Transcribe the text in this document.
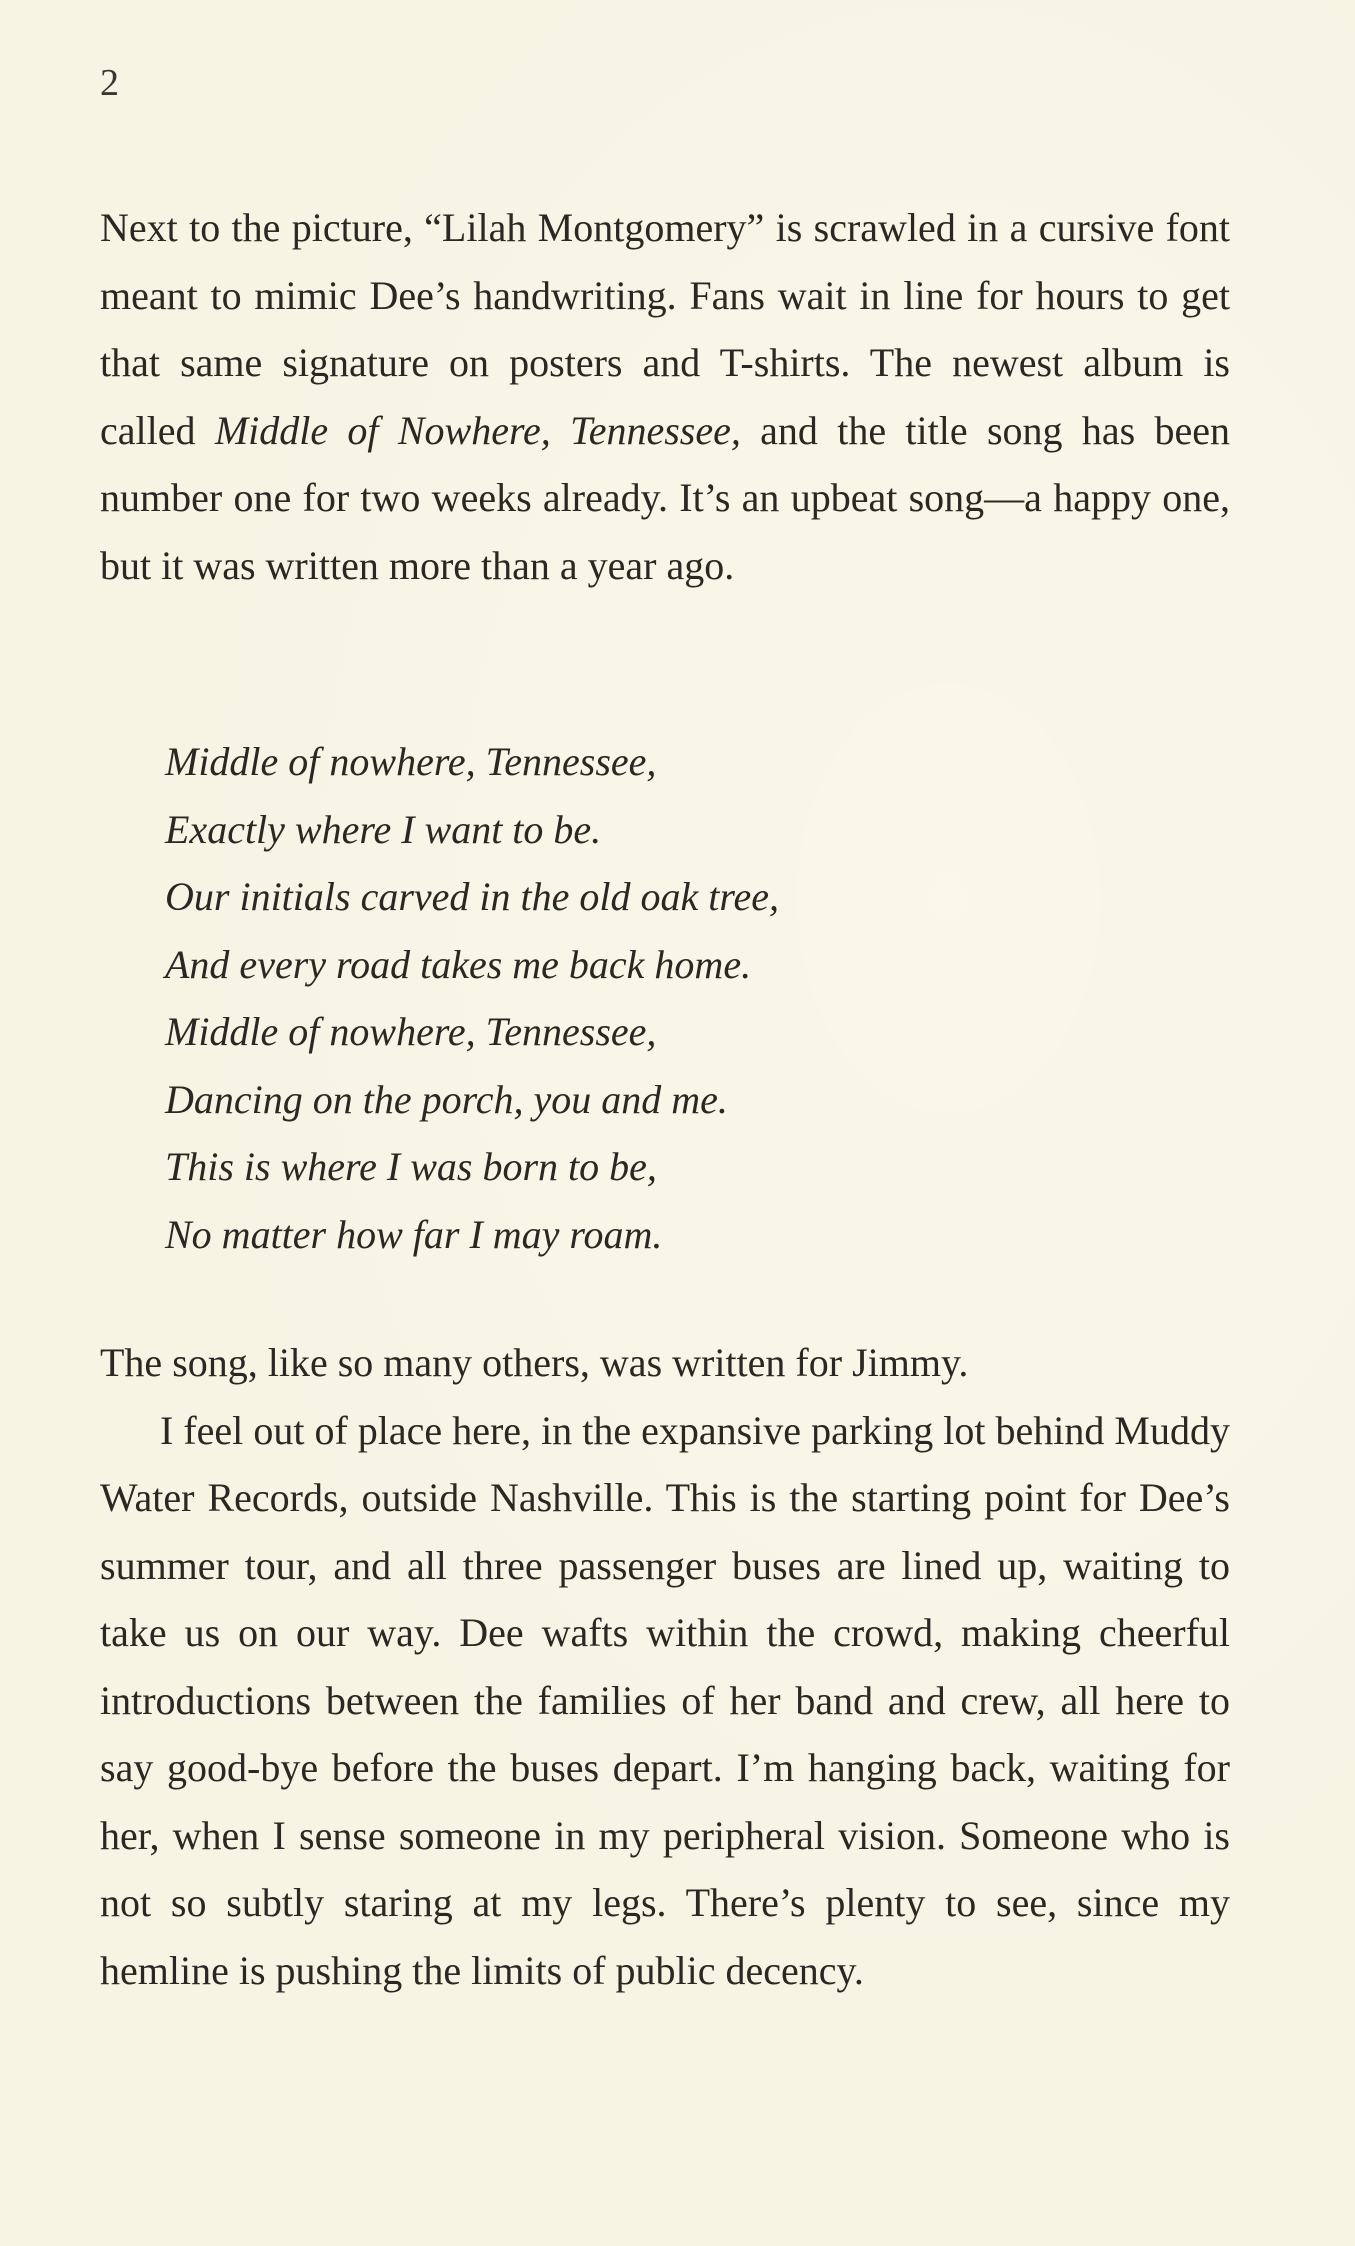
2

Next to the picture, “Lilah Montgomery” is scrawled in a cursive font meant to mimic Dee’s handwriting. Fans wait in line for hours to get that same signature on posters and T-shirts. The newest album is called Middle of Nowhere, Tennessee, and the title song has been number one for two weeks already. It’s an upbeat song—a happy one, but it was written more than a year ago.

Middle of nowhere, Tennessee,
Exactly where I want to be.
Our initials carved in the old oak tree,
And every road takes me back home.
Middle of nowhere, Tennessee,
Dancing on the porch, you and me.
This is where I was born to be,
No matter how far I may roam.

The song, like so many others, was written for Jimmy.

I feel out of place here, in the expansive parking lot behind Muddy Water Records, outside Nashville. This is the starting point for Dee’s summer tour, and all three passenger buses are lined up, waiting to take us on our way. Dee wafts within the crowd, making cheerful introductions between the families of her band and crew, all here to say good-bye before the buses depart. I’m hanging back, waiting for her, when I sense someone in my peripheral vision. Someone who is not so subtly staring at my legs. There’s plenty to see, since my hemline is pushing the limits of public decency.
